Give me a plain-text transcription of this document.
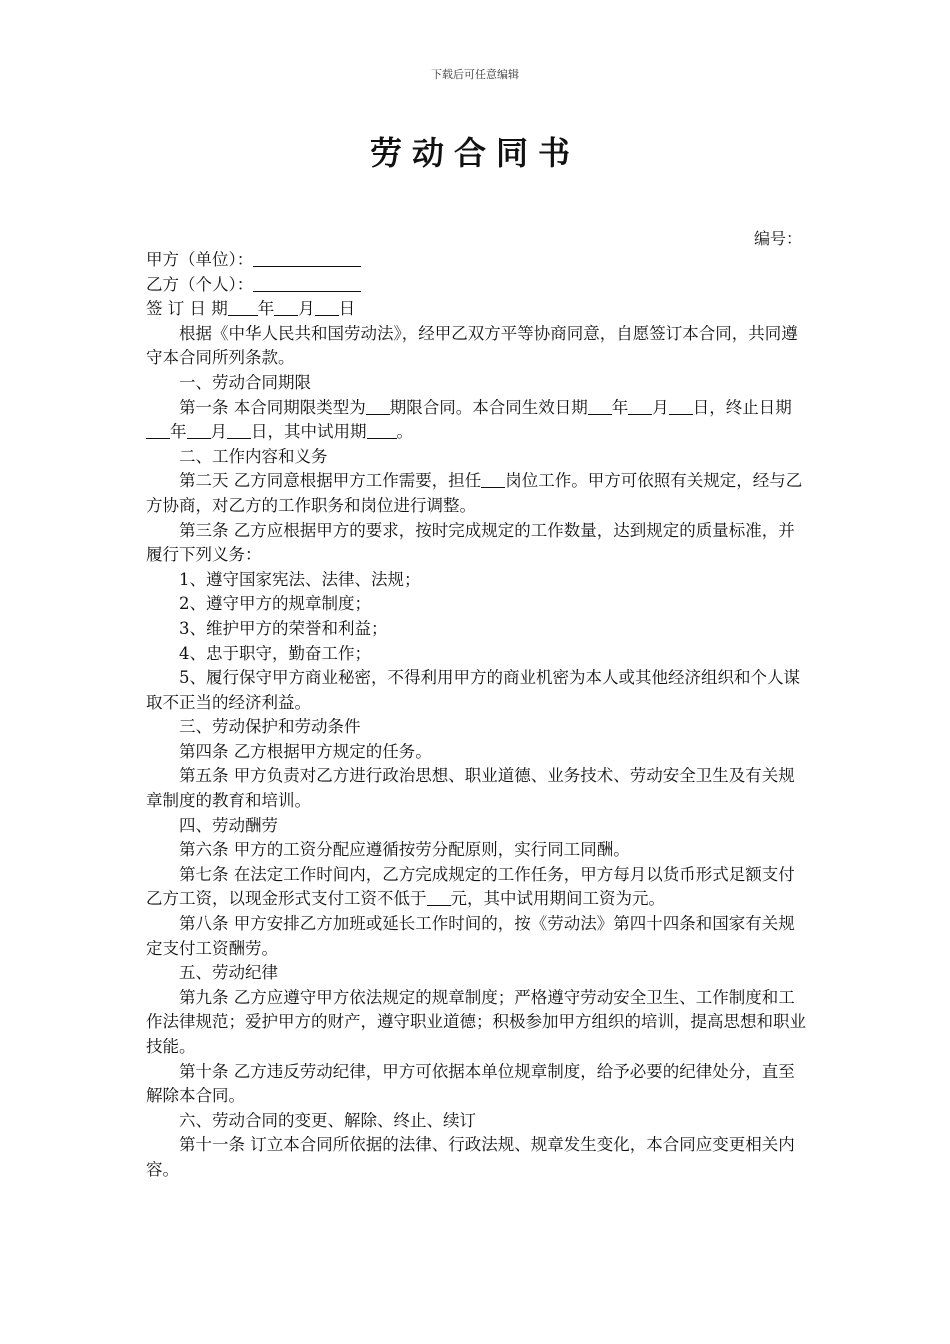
下载后可任意编辑
劳动合同书
编号：

甲方（单位）：

乙方（个人）：

签 订 日 期 年 月 日

根据《中华人民共和国劳动法》，经甲乙双方平等协商同意，自愿签订本合同，共同遵守本合同所列条款。

一、劳动合同期限

第一条 本合同期限类型为 期限合同。本合同生效日期 年 月 日，终止日期年 月 日，其中试用期 。

二、工作内容和义务

第二天 乙方同意根据甲方工作需要，担任 岗位工作。甲方可依照有关规定，经与乙方协商，对乙方的工作职务和岗位进行调整。

第三条 乙方应根据甲方的要求，按时完成规定的工作数量，达到规定的质量标准，并履行下列义务：

1、遵守国家宪法、法律、法规；

2、遵守甲方的规章制度；

3、维护甲方的荣誉和利益；

4、忠于职守，勤奋工作；

5、履行保守甲方商业秘密，不得利用甲方的商业机密为本人或其他经济组织和个人谋取不正当的经济利益。

三、劳动保护和劳动条件

第四条 乙方根据甲方规定的任务。

第五条 甲方负责对乙方进行政治思想、职业道德、业务技术、劳动安全卫生及有关规章制度的教育和培训。

四、劳动酬劳

第六条 甲方的工资分配应遵循按劳分配原则，实行同工同酬。

第七条 在法定工作时间内，乙方完成规定的工作任务，甲方每月以货币形式足额支付乙方工资，以现金形式支付工资不低于 元，其中试用期间工资为元。

第八条 甲方安排乙方加班或延长工作时间的，按《劳动法》第四十四条和国家有关规定支付工资酬劳。

五、劳动纪律

第九条 乙方应遵守甲方依法规定的规章制度；严格遵守劳动安全卫生、工作制度和工作法律规范；爱护甲方的财产，遵守职业道德；积极参加甲方组织的培训，提高思想和职业技能。

第十条 乙方违反劳动纪律，甲方可依据本单位规章制度，给予必要的纪律处分，直至解除本合同。

六、劳动合同的变更、解除、终止、续订

第十一条 订立本合同所依据的法律、行政法规、规章发生变化，本合同应变更相关内容。
